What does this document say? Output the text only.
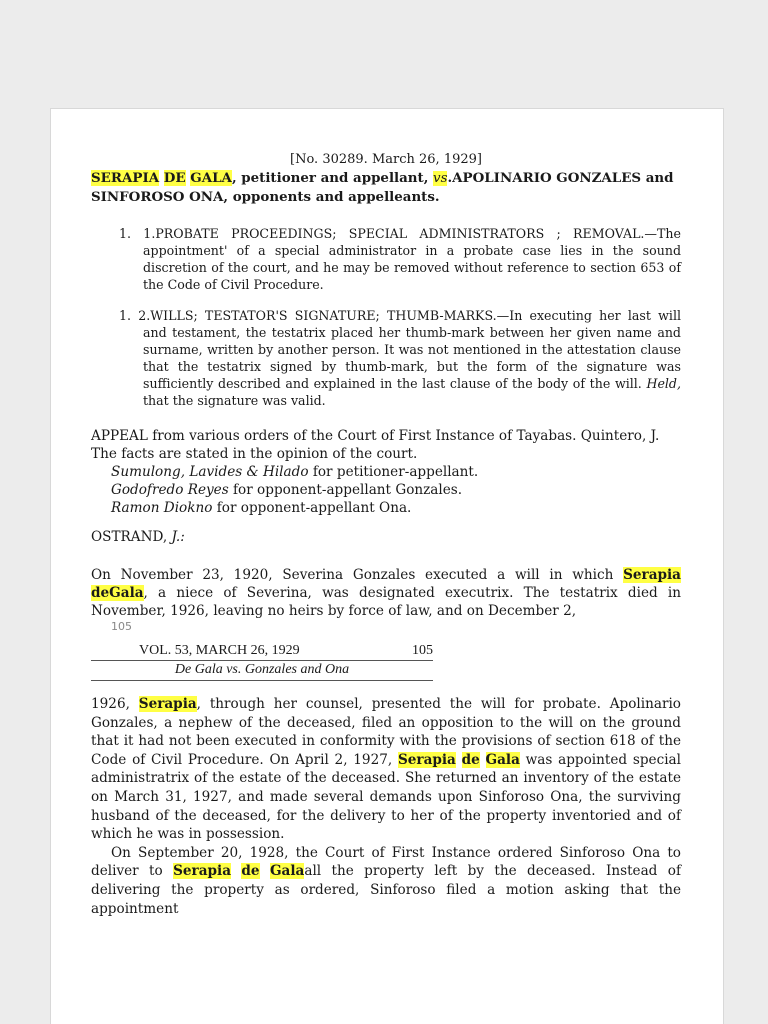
[No. 30289. March 26, 1929]
SERAPIA DE GALA, petitioner and appellant, vs.APOLINARIO GONZALES and SINFOROSO ONA, opponents and appelleants.
1. 1.PROBATE PROCEEDINGS; SPECIAL ADMINISTRATORS ; REMOVAL.—The appointment' of a special administrator in a probate case lies in the sound discretion of the court, and he may be removed without reference to section 653 of the Code of Civil Procedure.
1. 2.WILLS; TESTATOR'S SIGNATURE; THUMB-MARKS.—In executing her last will and testament, the testatrix placed her thumb-mark between her given name and surname, written by another person. It was not mentioned in the attestation clause that the testatrix signed by thumb-mark, but the form of the signature was sufficiently described and explained in the last clause of the body of the will. Held, that the signature was valid.
APPEAL from various orders of the Court of First Instance of Tayabas. Quintero, J.
The facts are stated in the opinion of the court.
Sumulong, Lavides & Hilado for petitioner-appellant.
Godofredo Reyes for opponent-appellant Gonzales.
Ramon Diokno for opponent-appellant Ona.
OSTRAND, J.:
On November 23, 1920, Severina Gonzales executed a will in which Serapia deGala, a niece of Severina, was designated executrix. The testatrix died in November, 1926, leaving no heirs by force of law, and on December 2,
105
VOL. 53, MARCH 26, 1929	105
De Gala vs. Gonzales and Ona
1926, Serapia, through her counsel, presented the will for probate. Apolinario Gonzales, a nephew of the deceased, filed an opposition to the will on the ground that it had not been executed in conformity with the provisions of section 618 of the Code of Civil Procedure. On April 2, 1927, Serapia de Gala was appointed special administratrix of the estate of the deceased. She returned an inventory of the estate on March 31, 1927, and made several demands upon Sinforoso Ona, the surviving husband of the deceased, for the delivery to her of the property inventoried and of which he was in possession.
On September 20, 1928, the Court of First Instance ordered Sinforoso Ona to deliver to Serapia de Galaall the property left by the deceased. Instead of delivering the property as ordered, Sinforoso filed a motion asking that the appointment
